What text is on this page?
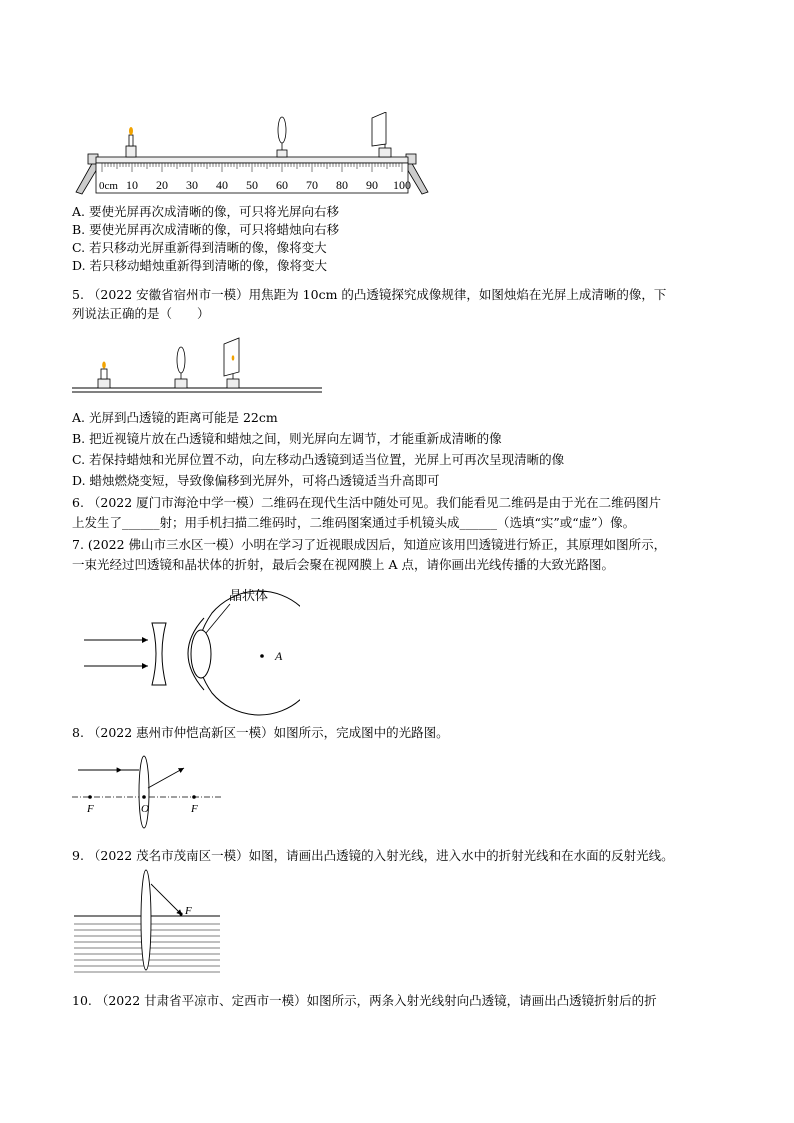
0cm 10 20 30 40 50 60 70 80 90 100
A. 要使光屏再次成清晰的像，可只将光屏向右移
B. 要使光屏再次成清晰的像，可只将蜡烛向右移
C. 若只移动光屏重新得到清晰的像，像将变大
D. 若只移动蜡烛重新得到清晰的像，像将变大
5. （2022 安徽省宿州市一模）用焦距为 10cm 的凸透镜探究成像规律，如图烛焰在光屏上成清晰的像，下
列说法正确的是（　　）
A. 光屏到凸透镜的距离可能是 22cm
B. 把近视镜片放在凸透镜和蜡烛之间，则光屏向左调节，才能重新成清晰的像
C. 若保持蜡烛和光屏位置不动，向左移动凸透镜到适当位置，光屏上可再次呈现清晰的像
D. 蜡烛燃烧变短，导致像偏移到光屏外，可将凸透镜适当升高即可
6. （2022 厦门市海沧中学一模）二维码在现代生活中随处可见。我们能看见二维码是由于光在二维码图片
上发生了______射；用手机扫描二维码时，二维码图案通过手机镜头成______（选填“实”或“虚”）像。
7. (2022 佛山市三水区一模）小明在学习了近视眼成因后，知道应该用凹透镜进行矫正，其原理如图所示，
一束光经过凹透镜和晶状体的折射，最后会聚在视网膜上 A 点，请你画出光线传播的大致光路图。
晶状体
A
8. （2022 惠州市仲恺高新区一模）如图所示，完成图中的光路图。
F	O	F
9. （2022 茂名市茂南区一模）如图，请画出凸透镜的入射光线，进入水中的折射光线和在水面的反射光线。
F
10. （2022 甘肃省平凉市、定西市一模）如图所示，两条入射光线射向凸透镜，请画出凸透镜折射后的折
